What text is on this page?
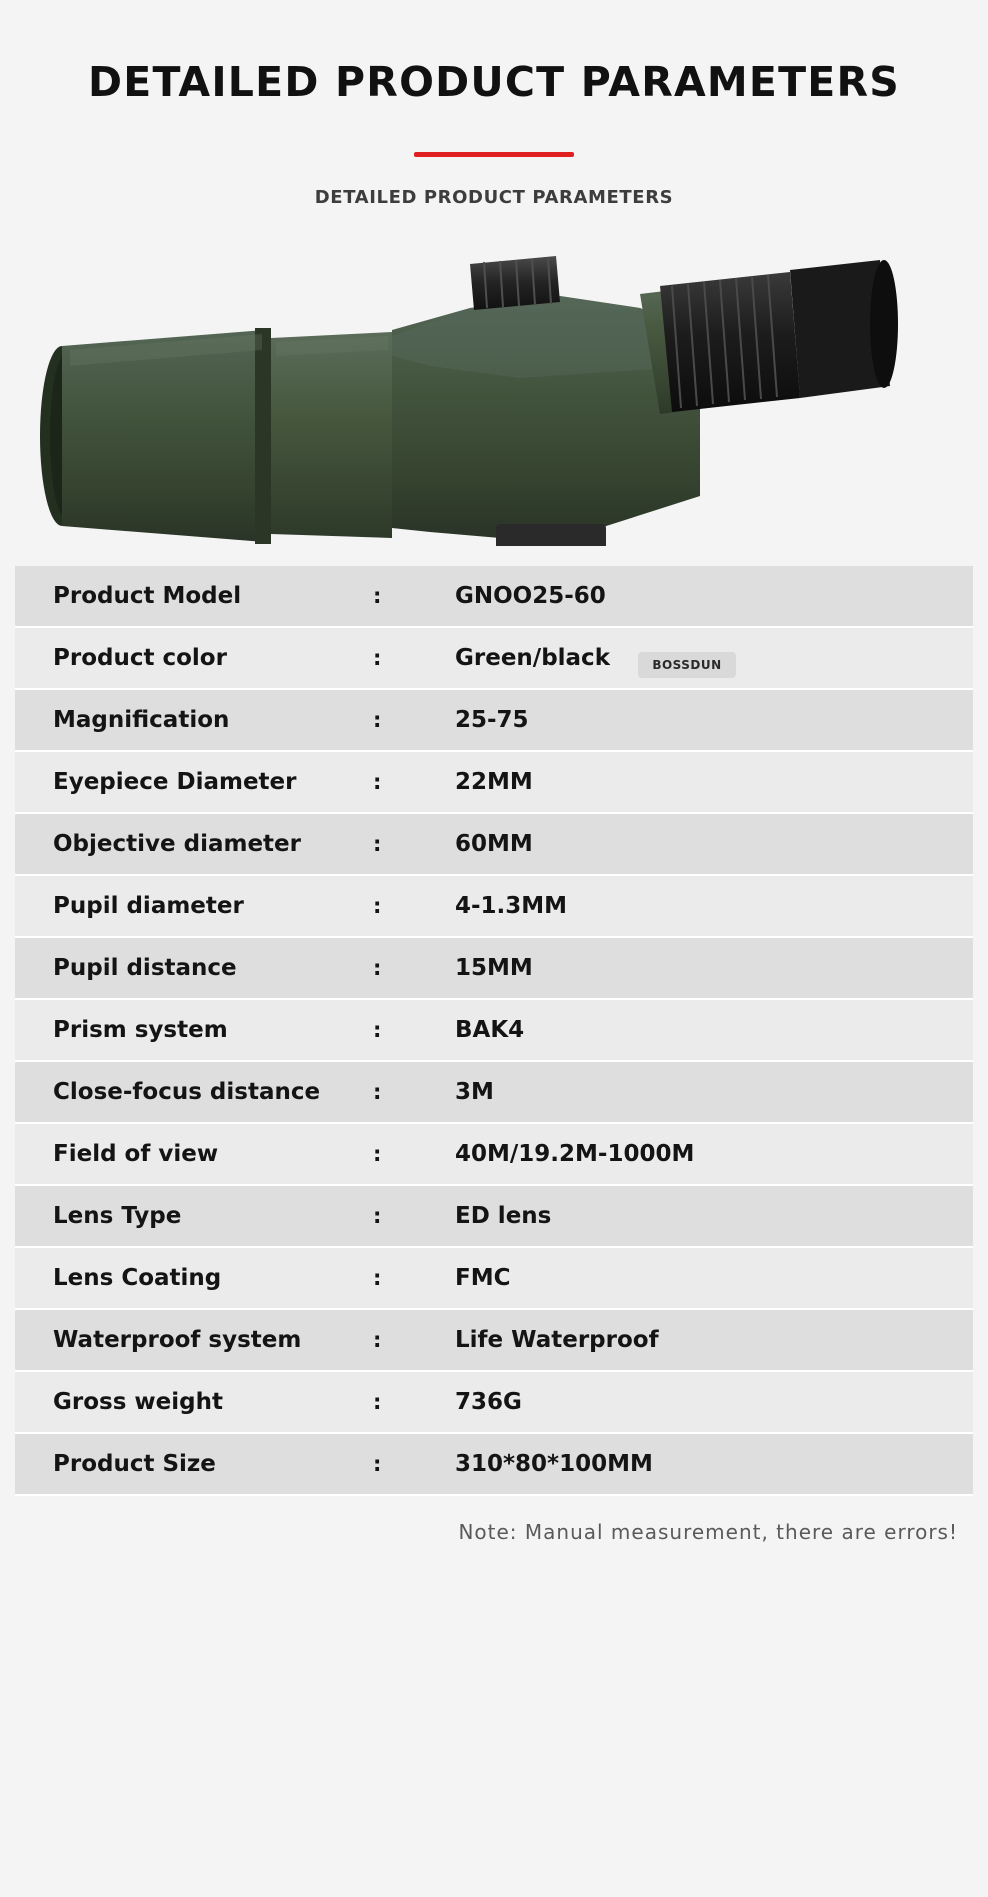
DETAILED PRODUCT PARAMETERS
DETAILED PRODUCT PARAMETERS
BOSSDUN
Product Model	:	GNOO25-60
Product color	:	Green/black
Magnification	:	25-75
Eyepiece Diameter	:	22MM
Objective diameter	:	60MM
Pupil diameter	:	4-1.3MM
Pupil distance	:	15MM
Prism system	:	BAK4
Close-focus distance	:	3M
Field of view	:	40M/19.2M-1000M
Lens Type	:	ED lens
Lens Coating	:	FMC
Waterproof system	:	Life Waterproof
Gross weight	:	736G
Product Size	:	310*80*100MM
Note: Manual measurement, there are errors!
